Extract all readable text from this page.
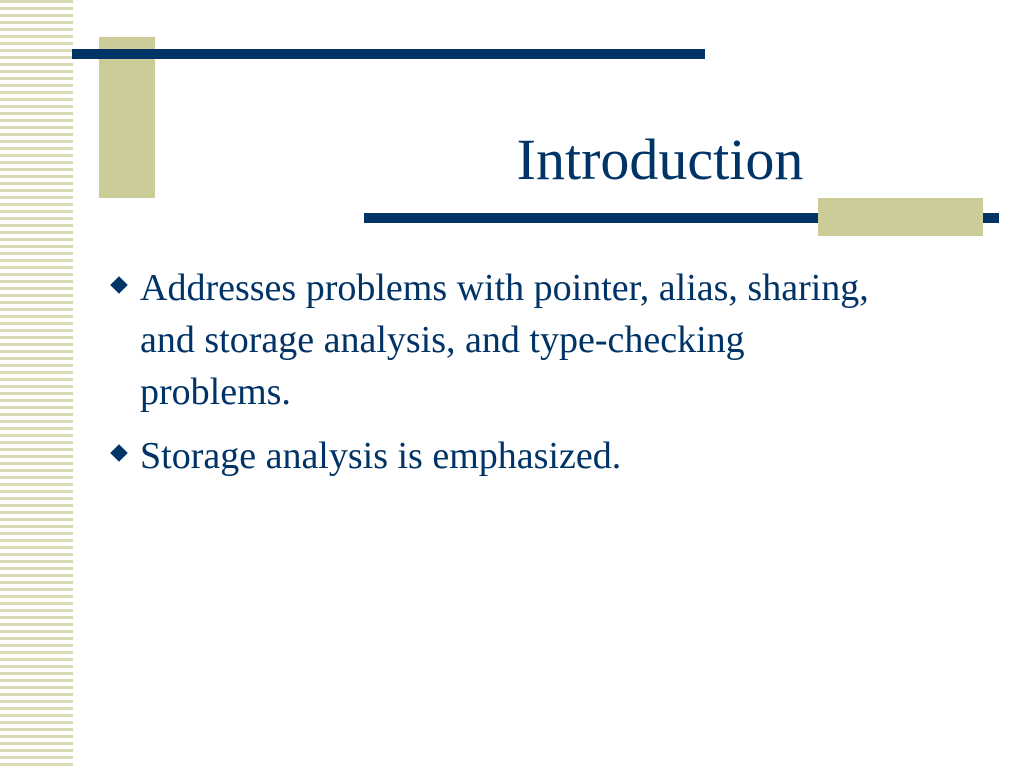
Introduction
Addresses problems with pointer, alias, sharing, and storage analysis, and type-checking problems.
Storage analysis is emphasized.
